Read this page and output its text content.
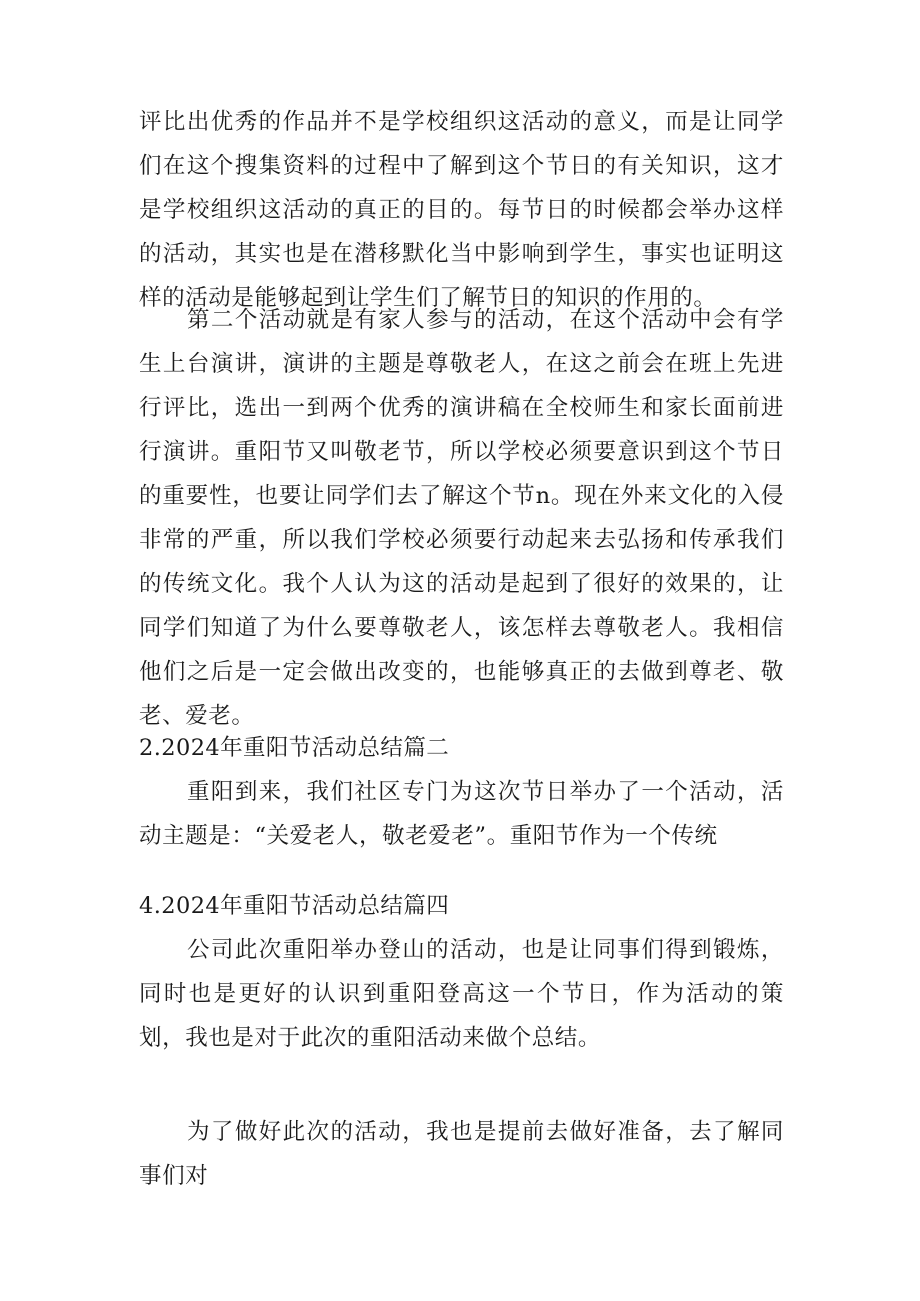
评比出优秀的作品并不是学校组织这活动的意义，而是让同学们在这个搜集资料的过程中了解到这个节日的有关知识，这才是学校组织这活动的真正的目的。每节日的时候都会举办这样的活动，其实也是在潜移默化当中影响到学生，事实也证明这样的活动是能够起到让学生们了解节日的知识的作用的。

第二个活动就是有家人参与的活动，在这个活动中会有学生上台演讲，演讲的主题是尊敬老人，在这之前会在班上先进行评比，选出一到两个优秀的演讲稿在全校师生和家长面前进行演讲。重阳节又叫敬老节，所以学校必须要意识到这个节日的重要性，也要让同学们去了解这个节n。现在外来文化的入侵非常的严重，所以我们学校必须要行动起来去弘扬和传承我们的传统文化。我个人认为这的活动是起到了很好的效果的，让同学们知道了为什么要尊敬老人，该怎样去尊敬老人。我相信他们之后是一定会做出改变的，也能够真正的去做到尊老、敬老、爱老。

2.2024年重阳节活动总结篇二

重阳到来，我们社区专门为这次节日举办了一个活动，活动主题是：“关爱老人，敬老爱老”。重阳节作为一个传统

4.2024年重阳节活动总结篇四

公司此次重阳举办登山的活动，也是让同事们得到锻炼，同时也是更好的认识到重阳登高这一个节日，作为活动的策划，我也是对于此次的重阳活动来做个总结。

为了做好此次的活动，我也是提前去做好准备，去了解同事们对
